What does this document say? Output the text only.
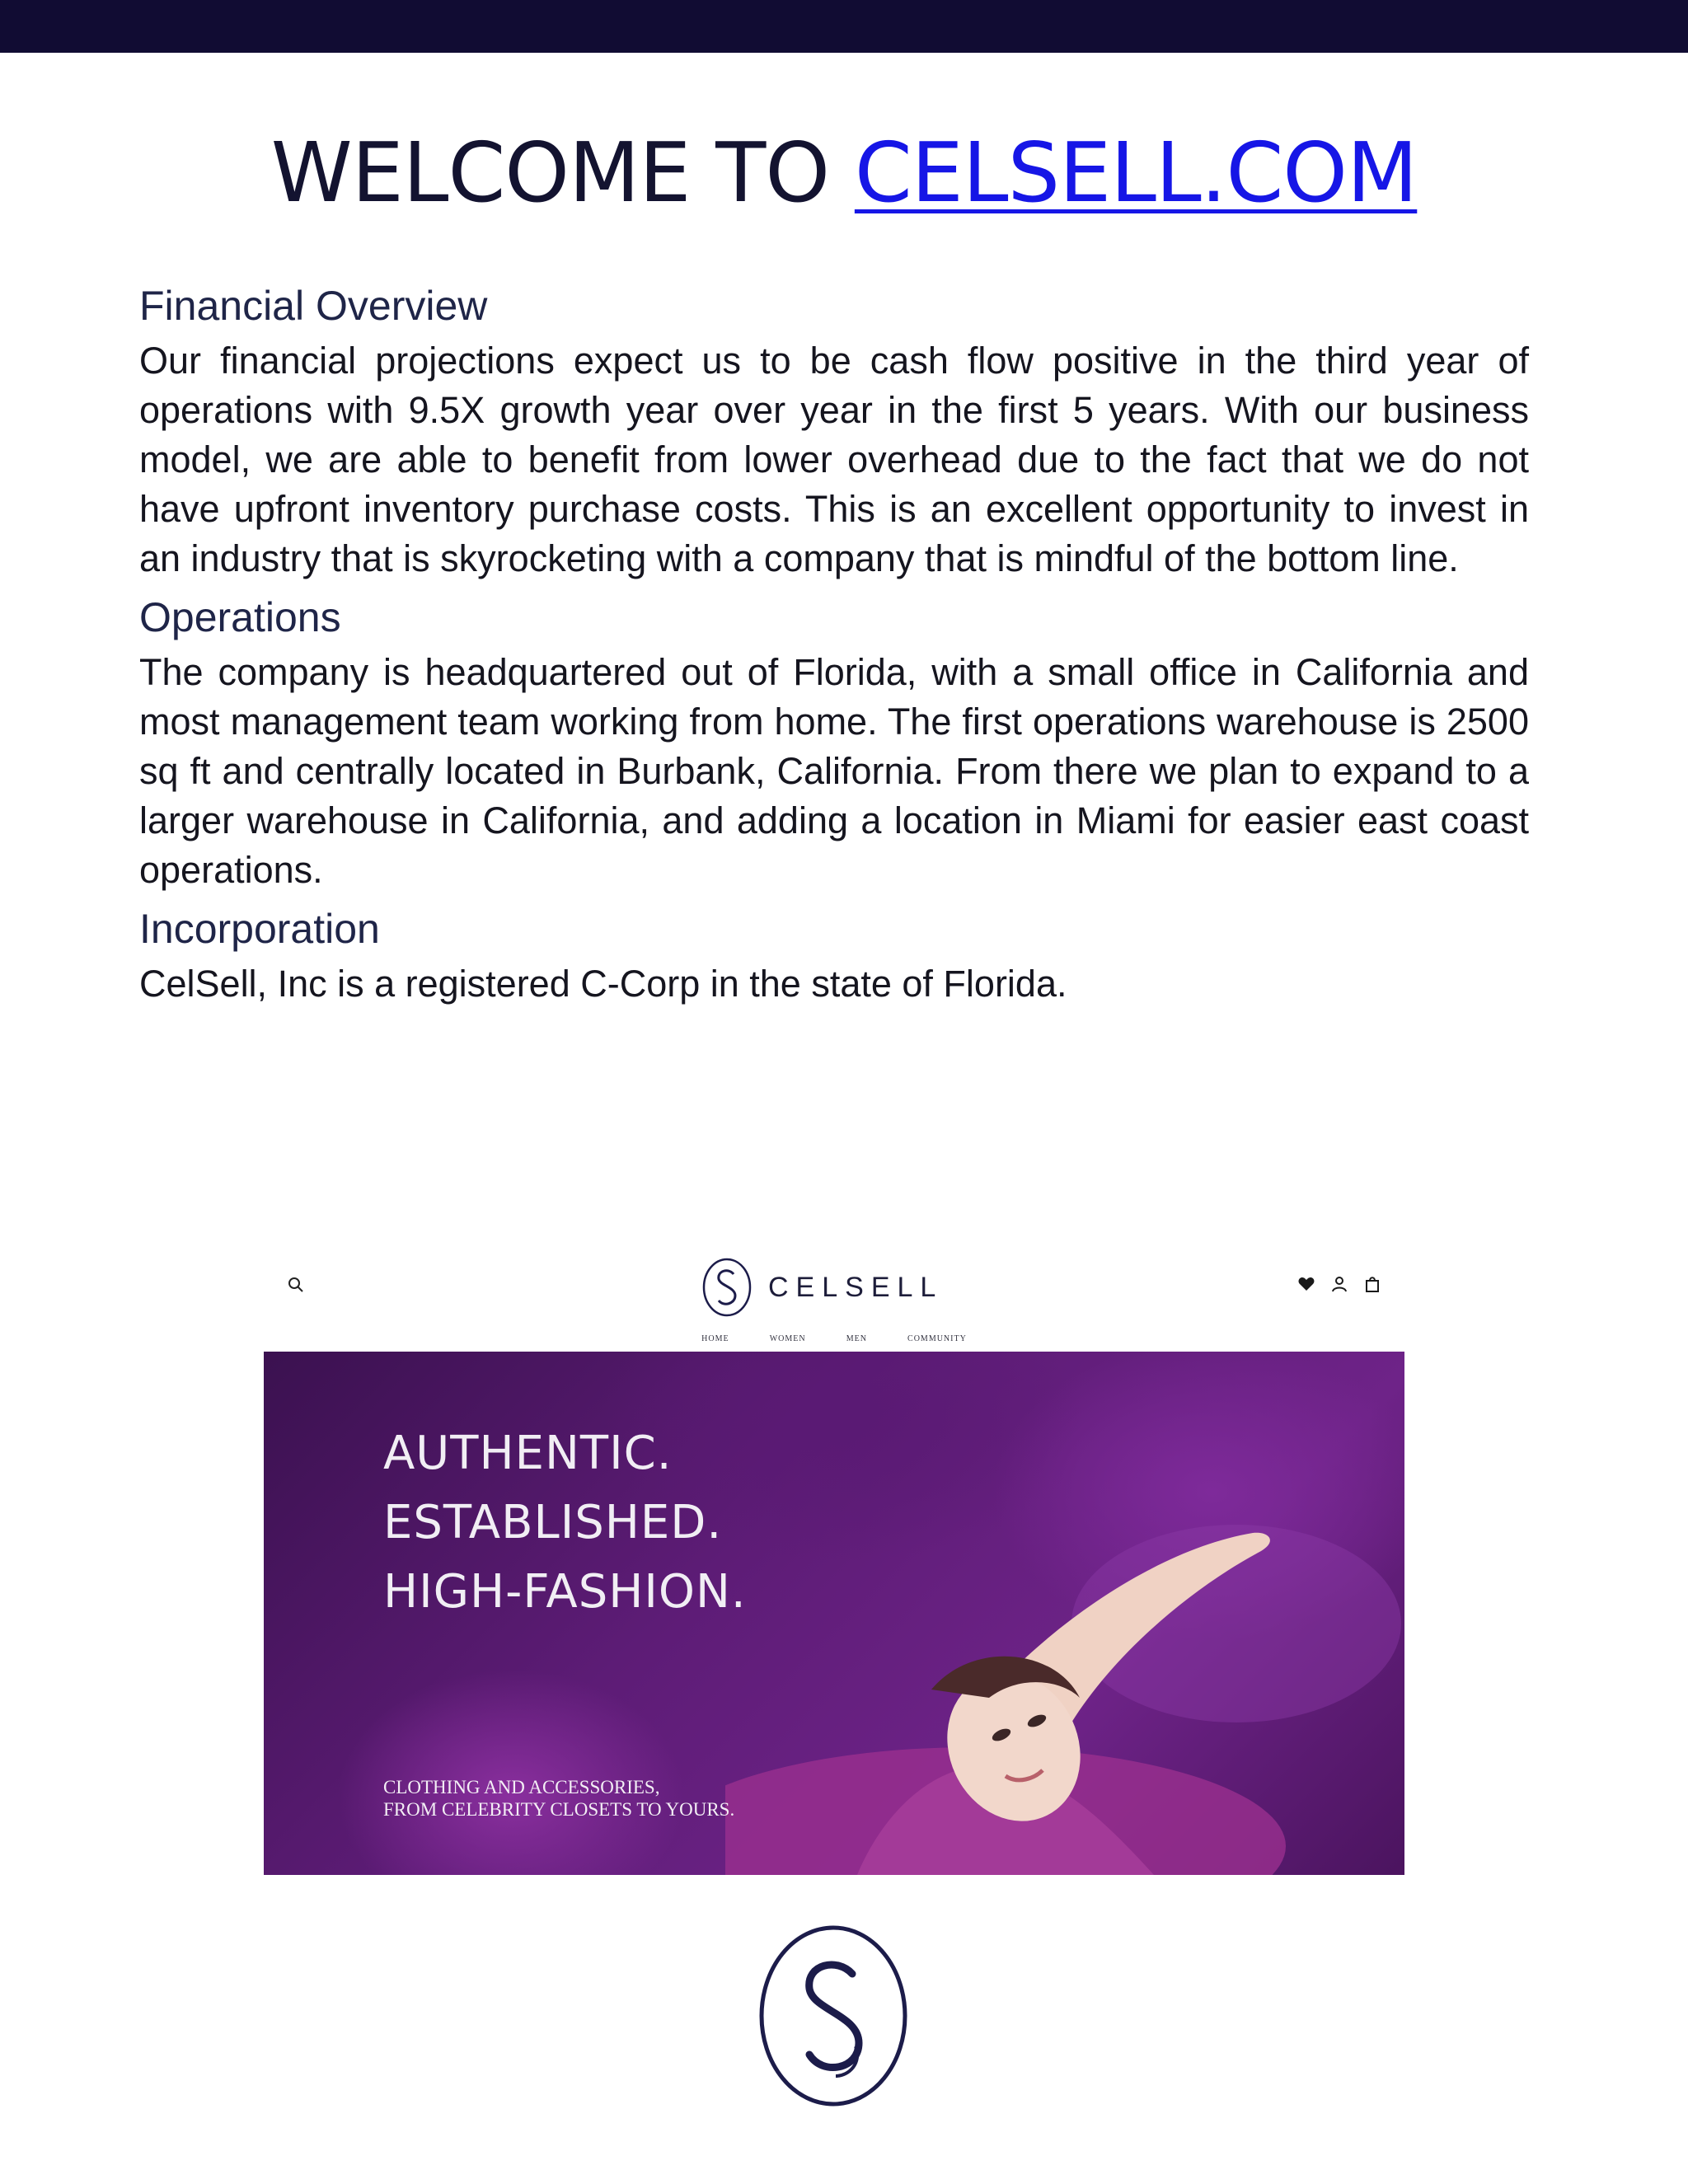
WELCOME TO CELSELL.COM
Financial Overview

Our financial projections expect us to be cash flow positive in the third year of operations with 9.5X growth year over year in the first 5 years. With our business model, we are able to benefit from lower overhead due to the fact that we do not have upfront inventory purchase costs. This is an excellent opportunity to invest in an industry that is skyrocketing with a company that is mindful of the bottom line.

Operations

The company is headquartered out of Florida, with a small office in California and most management team working from home. The first operations warehouse is 2500 sq ft and centrally located in Burbank, California. From there we plan to expand to a larger warehouse in California, and adding a location in Miami for easier east coast operations.

Incorporation

CelSell, Inc is a registered C-Corp in the state of Florida.

CELSELL
HOME	WOMEN	MEN	COMMUNITY
AUTHENTIC.
ESTABLISHED.
HIGH-FASHION.
CLOTHING AND ACCESSORIES,
FROM CELEBRITY CLOSETS TO YOURS.
